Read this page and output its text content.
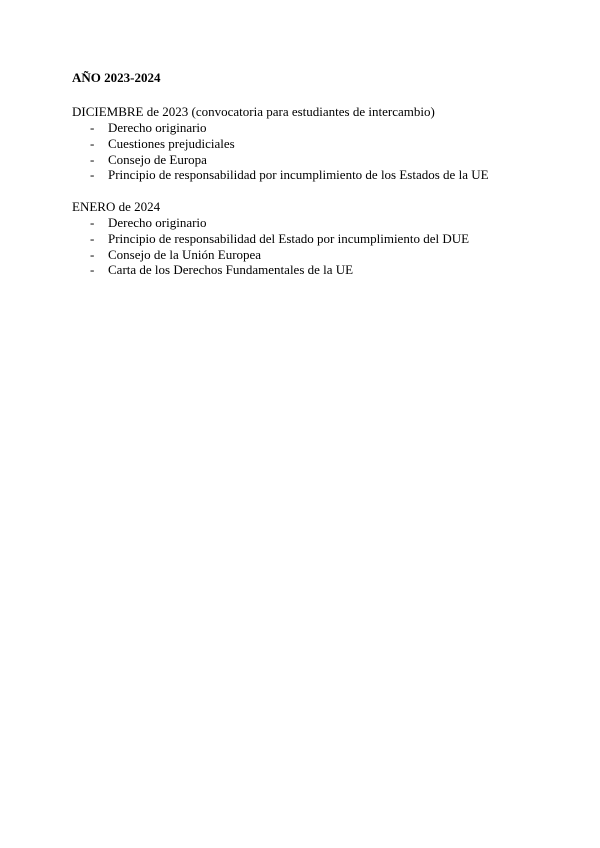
AÑO 2023-2024

DICIEMBRE de 2023 (convocatoria para estudiantes de intercambio)

- Derecho originario
- Cuestiones prejudiciales
- Consejo de Europa
- Principio de responsabilidad por incumplimiento de los Estados de la UE

ENERO de 2024

- Derecho originario
- Principio de responsabilidad del Estado por incumplimiento del DUE
- Consejo de la Unión Europea
- Carta de los Derechos Fundamentales de la UE
